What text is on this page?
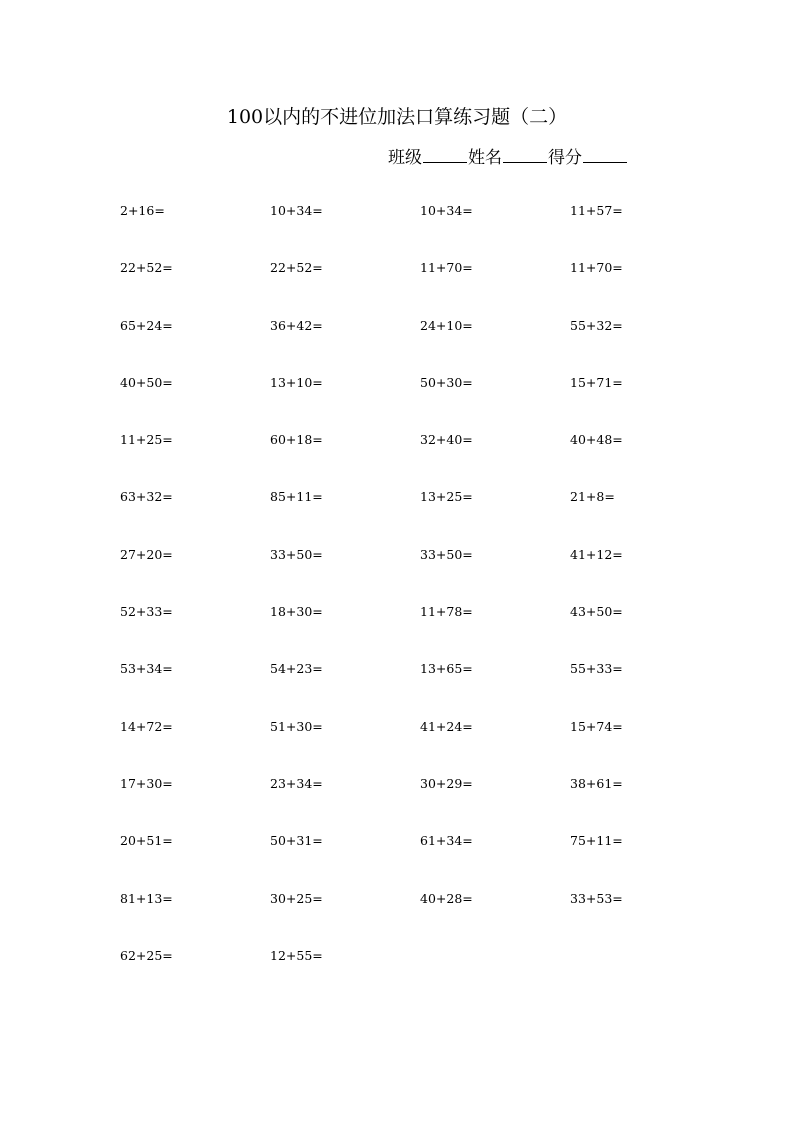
100以内的不进位加法口算练习题（二）
班级	姓名	得分
2+16=	10+34=	10+34=	11+57=
22+52=	22+52=	11+70=	11+70=
65+24=	36+42=	24+10=	55+32=
40+50=	13+10=	50+30=	15+71=
11+25=	60+18=	32+40=	40+48=
63+32=	85+11=	13+25=	21+8=
27+20=	33+50=	33+50=	41+12=
52+33=	18+30=	11+78=	43+50=
53+34=	54+23=	13+65=	55+33=
14+72=	51+30=	41+24=	15+74=
17+30=	23+34=	30+29=	38+61=
20+51=	50+31=	61+34=	75+11=
81+13=	30+25=	40+28=	33+53=
62+25=	12+55=
